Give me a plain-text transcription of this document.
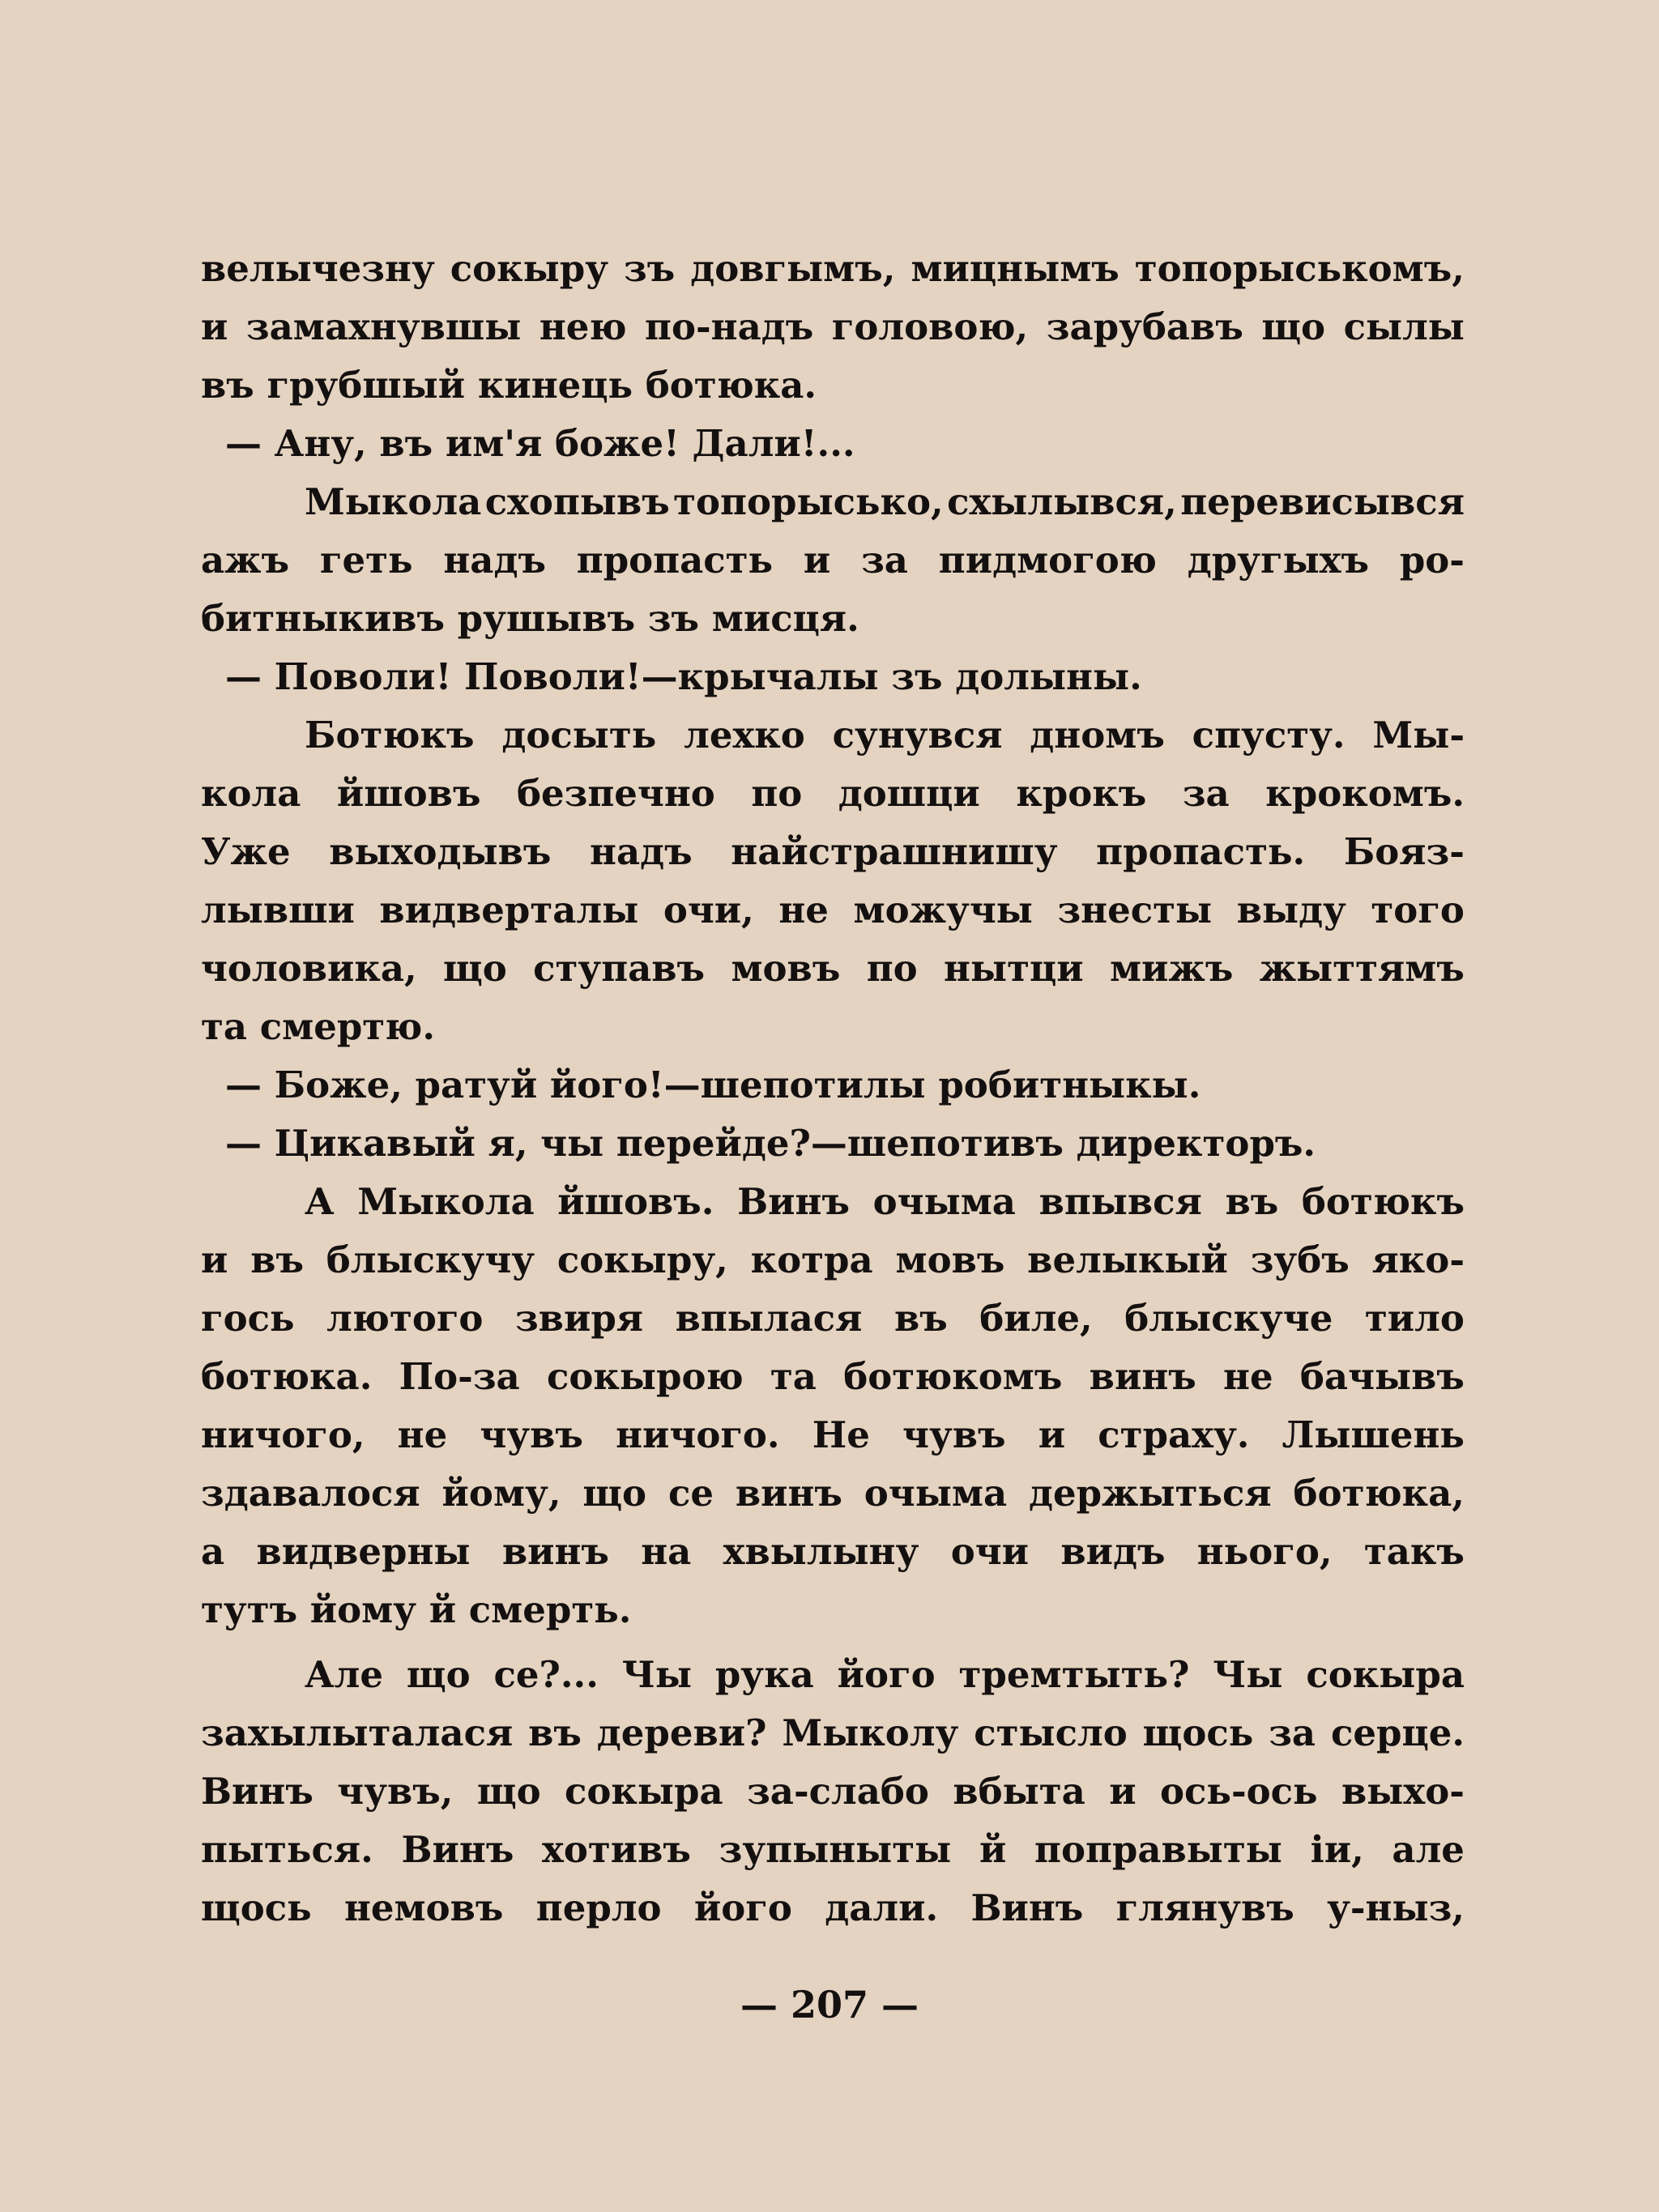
велычезну сокыру зъ довгымъ, мицнымъ топорыськомъ,
и замахнувшы нею по-надъ головою, зарубавъ що сылы
въ грубшый кинець ботюка.
— Ану, въ им'я боже! Дали!...
Мыкола схопывъ топорысько, схылывся, перевисывся
ажъ геть надъ пропасть и за пидмогою другыхъ ро-
битныкивъ рушывъ зъ мисця.
— Поволи! Поволи!—крычалы зъ долыны.
Ботюкъ досыть лехко сунувся дномъ спусту. Мы-
кола йшовъ безпечно по дошци крокъ за крокомъ.
Уже выходывъ надъ найстрашнишу пропасть. Бояз-
лывши видвертaлы очи, не можучы знесты выду того
чоловика, що ступавъ мовъ по нытци мижъ жыттямъ
та смертю.
— Боже, ратуй його!—шепотилы робитныкы.
— Цикавый я, чы перейде?—шепотивъ директоръ.
А Мыкола йшовъ. Винъ очыма впывся въ ботюкъ
и въ блыскучу сокыру, котра мовъ велыкый зубъ яко-
гось лютого звиря впылася въ биле, блыскуче тило
ботюка. По-за сокырою та ботюкомъ винъ не бачывъ
ничого, не чувъ ничого. Не чувъ и страху. Лышень
здавалося йому, що се винъ очыма держыться ботюка,
а видверны винъ на хвылыну очи видъ нього, такъ
тутъ йому й смерть.
Але що се?... Чы рука його тремтыть? Чы сокыра
захылыталася въ дереви? Мыколу стысло щось за серце.
Винъ чувъ, що сокыра за-слабо вбыта и ось-ось выхо-
пыться. Винъ хотивъ зупыныты й поправыты іи, але
щось немовъ перло його дали. Винъ глянувъ у-ныз,
— 207 —
